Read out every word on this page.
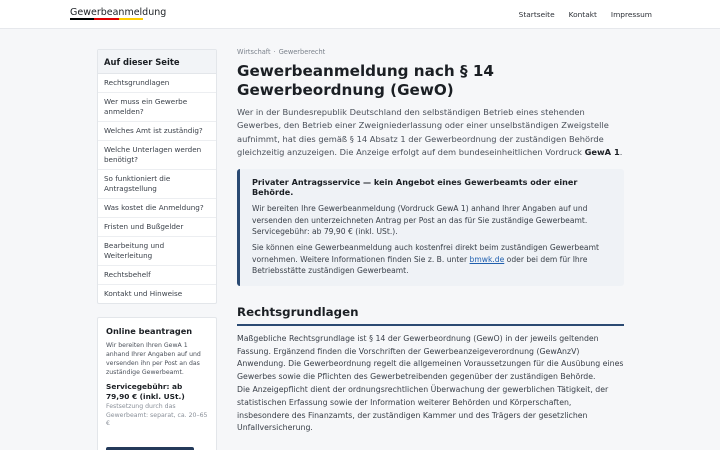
Gewerbeanmeldung	Startseite Kontakt Impressum
Auf dieser Seite
Rechtsgrundlagen
Wer muss ein Gewerbe anmelden?
Welches Amt ist zuständig?
Welche Unterlagen werden benötigt?
So funktioniert die Antragstellung
Was kostet die Anmeldung?
Fristen und Bußgelder
Bearbeitung und Weiterleitung
Rechtsbehelf
Kontakt und Hinweise
Online beantragen
Wir bereiten Ihren GewA 1 anhand Ihrer Angaben auf und versenden ihn per Post an das zuständige Gewerbeamt.
Servicegebühr: ab 79,90 € (inkl. USt.)
Festsetzung durch das Gewerbeamt: separat, ca. 20–65 €
Wirtschaft · Gewerberecht
Gewerbeanmeldung nach § 14 Gewerbeordnung (GewO)

Wer in der Bundesrepublik Deutschland den selbständigen Betrieb eines stehenden Gewerbes, den Betrieb einer Zweigniederlassung oder einer unselbständigen Zweigstelle aufnimmt, hat dies gemäß § 14 Absatz 1 der Gewerbeordnung der zuständigen Behörde gleichzeitig anzuzeigen. Die Anzeige erfolgt auf dem bundeseinheitlichen Vordruck GewA 1.

Privater Antragsservice — kein Angebot eines Gewerbeamts oder einer Behörde.

Wir bereiten Ihre Gewerbeanmeldung (Vordruck GewA 1) anhand Ihrer Angaben auf und versenden den unterzeichneten Antrag per Post an das für Sie zuständige Gewerbeamt. Servicegebühr: ab 79,90 € (inkl. USt.).

Sie können eine Gewerbeanmeldung auch kostenfrei direkt beim zuständigen Gewerbeamt vornehmen. Weitere Informationen finden Sie z. B. unter bmwk.de oder bei dem für Ihre Betriebsstätte zuständigen Gewerbeamt.

Rechtsgrundlagen

Maßgebliche Rechtsgrundlage ist § 14 der Gewerbeordnung (GewO) in der jeweils geltenden Fassung. Ergänzend finden die Vorschriften der Gewerbeanzeigeverordnung (GewAnzV) Anwendung. Die Gewerbeordnung regelt die allgemeinen Voraussetzungen für die Ausübung eines Gewerbes sowie die Pflichten des Gewerbetreibenden gegenüber der zuständigen Behörde.
Die Anzeigepflicht dient der ordnungsrechtlichen Überwachung der gewerblichen Tätigkeit, der statistischen Erfassung sowie der Information weiterer Behörden und Körperschaften, insbesondere des Finanzamts, der zuständigen Kammer und des Trägers der gesetzlichen Unfallversicherung.
